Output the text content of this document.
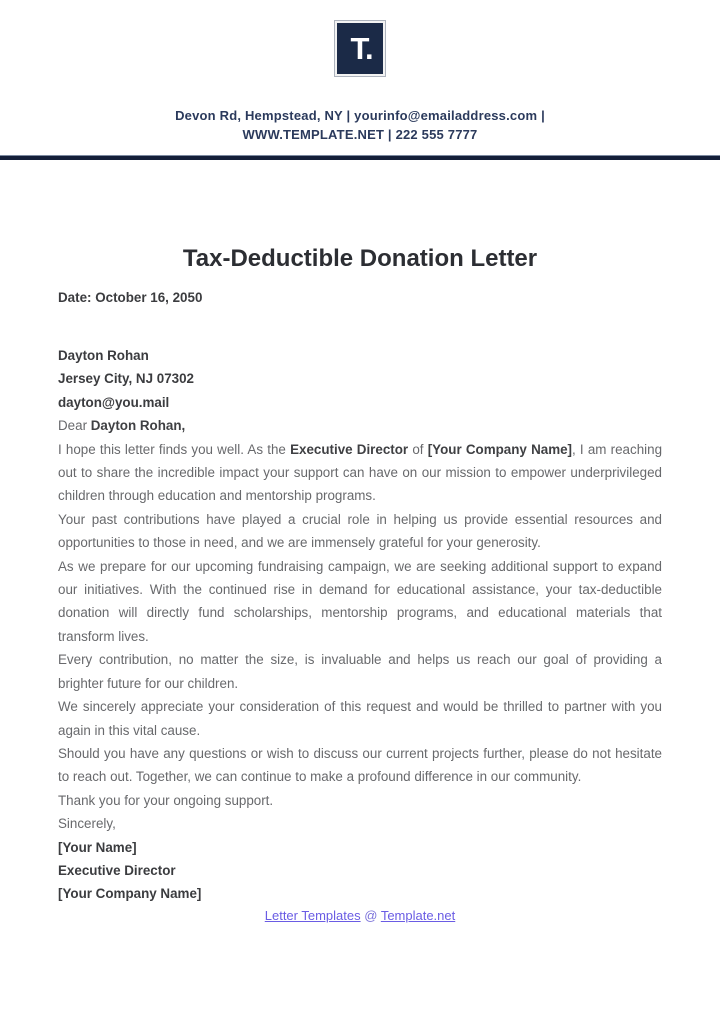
T.
Devon Rd, Hempstead, NY | yourinfo@emailaddress.com |
WWW.TEMPLATE.NET | 222 555 7777
Tax-Deductible Donation Letter

Date: October 16, 2050

Dayton Rohan

Jersey City, NJ 07302

dayton@you.mail

Dear Dayton Rohan,

I hope this letter finds you well. As the Executive Director of [Your Company Name], I am reaching out to share the incredible impact your support can have on our mission to empower underprivileged children through education and mentorship programs.

Your past contributions have played a crucial role in helping us provide essential resources and opportunities to those in need, and we are immensely grateful for your generosity.

As we prepare for our upcoming fundraising campaign, we are seeking additional support to expand our initiatives. With the continued rise in demand for educational assistance, your tax-deductible donation will directly fund scholarships, mentorship programs, and educational materials that transform lives.

Every contribution, no matter the size, is invaluable and helps us reach our goal of providing a brighter future for our children.

We sincerely appreciate your consideration of this request and would be thrilled to partner with you again in this vital cause.

Should you have any questions or wish to discuss our current projects further, please do not hesitate to reach out. Together, we can continue to make a profound difference in our community.

Thank you for your ongoing support.

Sincerely,

[Your Name]

Executive Director

[Your Company Name]

Letter Templates @ Template.net
